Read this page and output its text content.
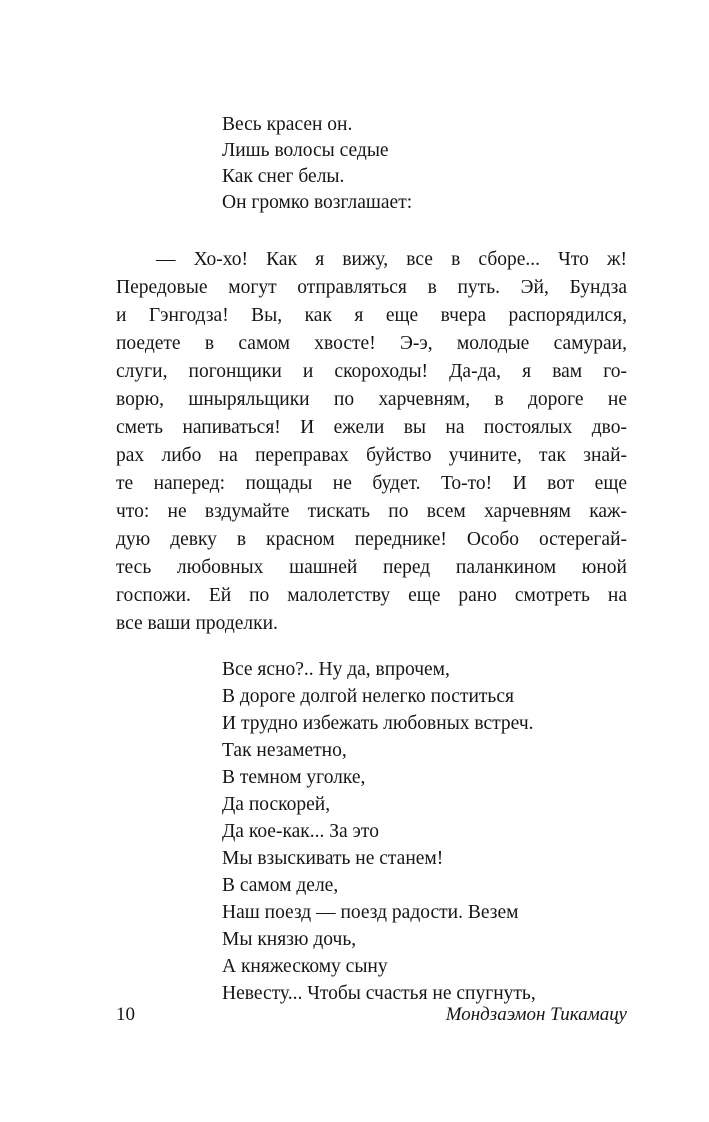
Весь красен он.
Лишь волосы седые
Как снег белы.
Он громко возглашает:
— Хо-хо! Как я вижу, все в сборе... Что ж!
Передовые могут отправляться в путь. Эй, Бундза
и Гэнгодза! Вы, как я еще вчера распорядился,
поедете в самом хвосте! Э-э, молодые самураи,
слуги, погонщики и скороходы! Да-да, я вам го-
ворю, шныряльщики по харчевням, в дороге не
сметь напиваться! И ежели вы на постоялых дво-
рах либо на переправах буйство учините, так знай-
те наперед: пощады не будет. То-то! И вот еще
что: не вздумайте тискать по всем харчевням каж-
дую девку в красном переднике! Особо остерегай-
тесь любовных шашней перед паланкином юной
госпожи. Ей по малолетству еще рано смотреть на
все ваши проделки.
Все ясно?.. Ну да, впрочем,
В дороге долгой нелегко поститься
И трудно избежать любовных встреч.
Так незаметно,
В темном уголке,
Да поскорей,
Да кое-как... За это
Мы взыскивать не станем!
В самом деле,
Наш поезд — поезд радости. Везем
Мы князю дочь,
А княжескому сыну
Невесту... Чтобы счастья не спугнуть,
10	Мондзаэмон Тикамацу
